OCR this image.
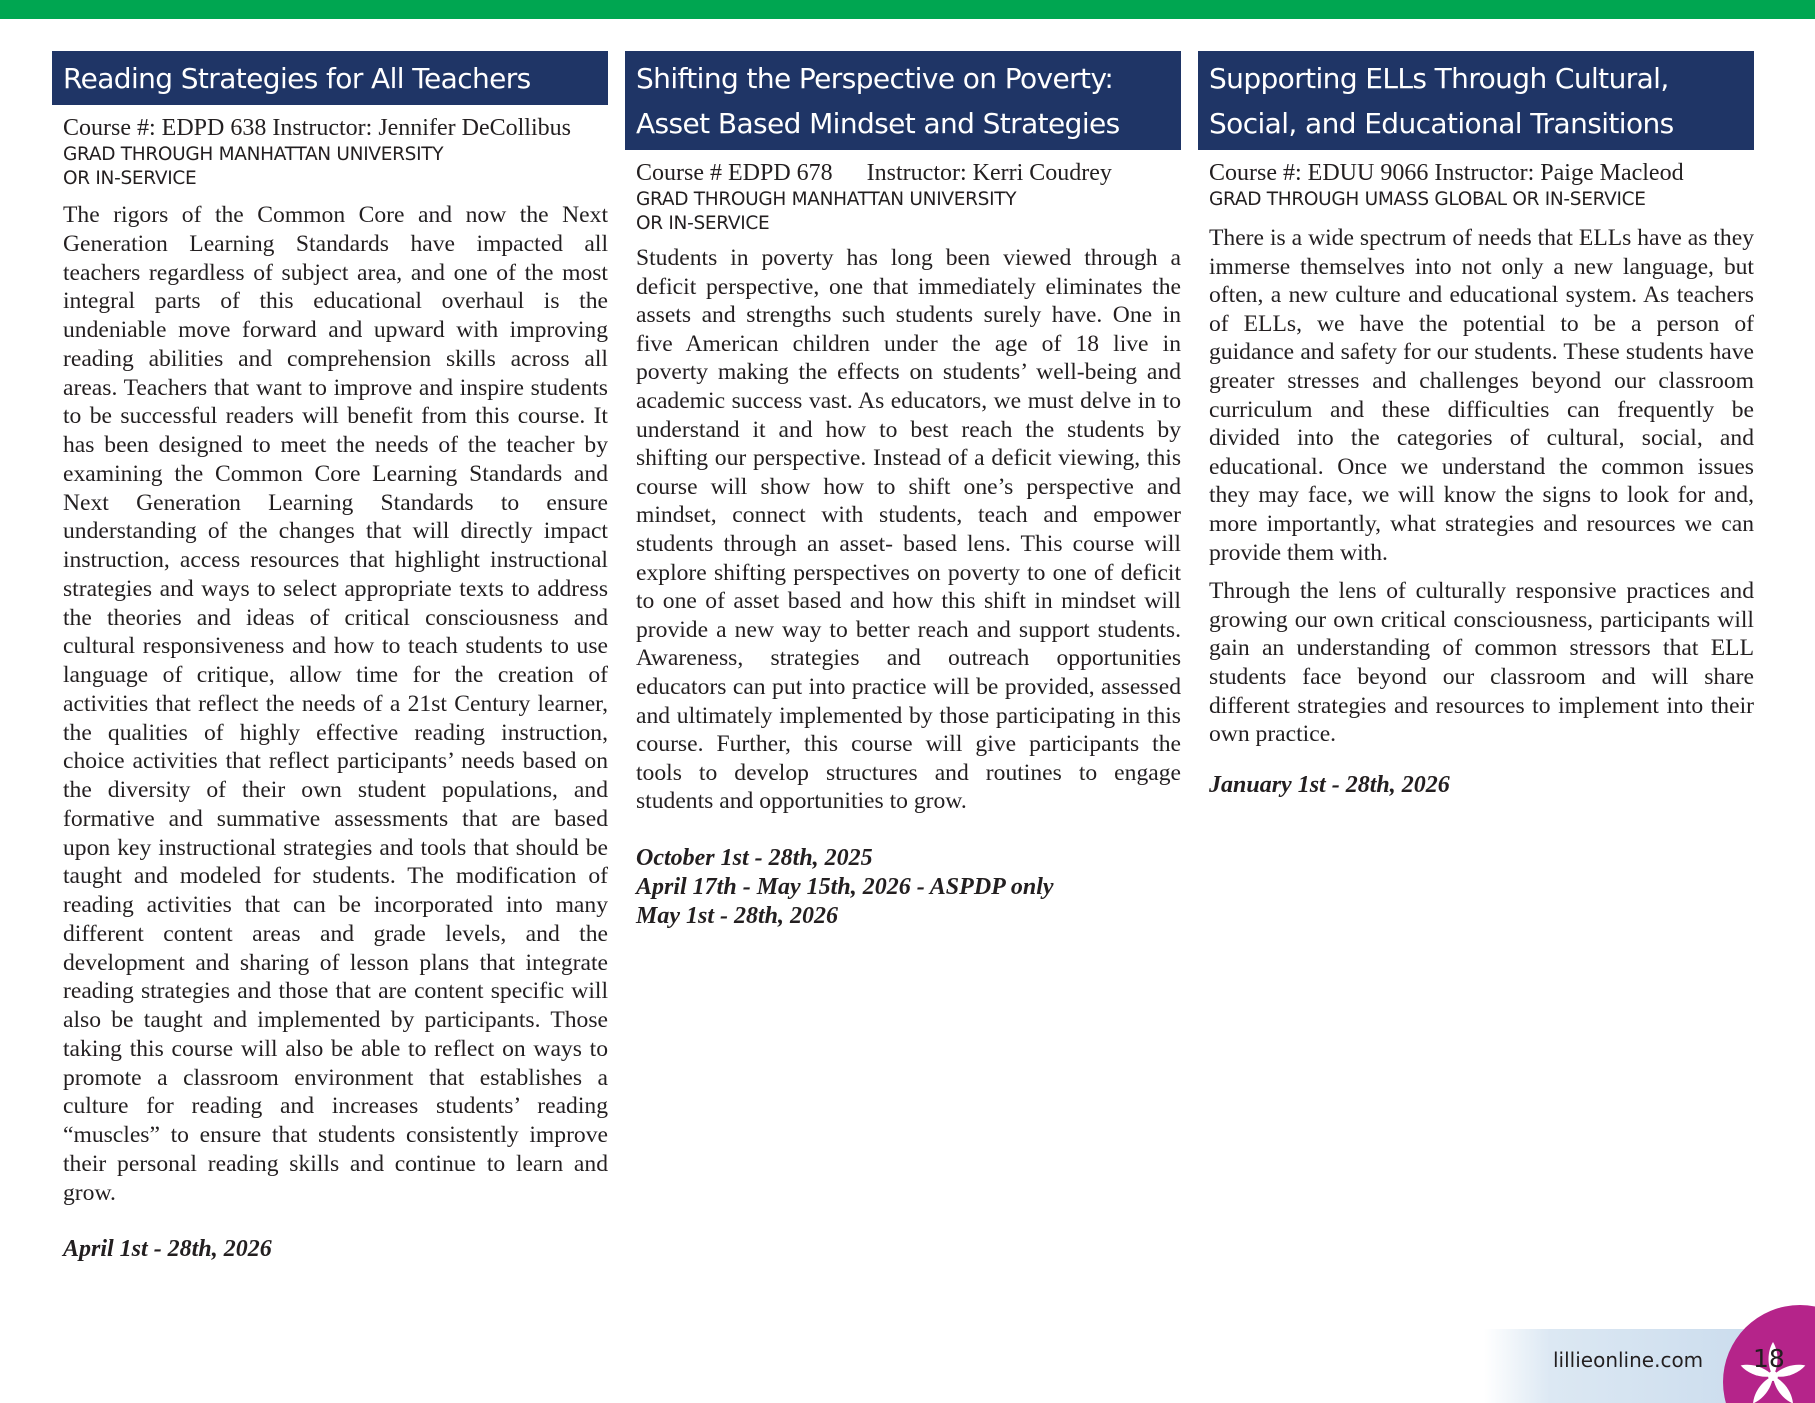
Reading Strategies for All Teachers
Course #: EDPD 638 Instructor: Jennifer DeCollibus
GRAD THROUGH MANHATTAN UNIVERSITY
OR IN-SERVICE

The rigors of the Common Core and now the Next Generation Learning Standards have impacted all teachers regardless of subject area, and one of the most integral parts of this educational overhaul is the undeniable move forward and upward with improving reading abilities and comprehension skills across all areas. Teachers that want to improve and inspire students to be successful readers will benefit from this course. It has been designed to meet the needs of the teacher by examining the Common Core Learning Standards and Next Generation Learning Standards to ensure understanding of the changes that will directly impact instruction, access resources that highlight instructional strategies and ways to select appropriate texts to address the theories and ideas of critical consciousness and cultural responsiveness and how to teach students to use language of critique, allow time for the creation of activities that reflect the needs of a 21st Century learner, the qualities of highly effective reading instruction, choice activities that reflect participants’ needs based on the diversity of their own student populations, and formative and summative assessments that are based upon key instructional strategies and tools that should be taught and modeled for students. The modification of reading activities that can be incorporated into many different content areas and grade levels, and the development and sharing of lesson plans that integrate reading strategies and those that are content specific will also be taught and implemented by participants. Those taking this course will also be able to reflect on ways to promote a classroom environment that establishes a culture for reading and increases students’ reading “muscles” to ensure that students consistently improve their personal reading skills and continue to learn and grow.

April 1st - 28th, 2026
Shifting the Perspective on Poverty:
Asset Based Mindset and Strategies
Course # EDPD 678 Instructor: Kerri Coudrey
GRAD THROUGH MANHATTAN UNIVERSITY
OR IN-SERVICE

Students in poverty has long been viewed through a deficit perspective, one that immediately eliminates the assets and strengths such students surely have. One in five American children under the age of 18 live in poverty making the effects on students’ well-being and academic success vast. As educators, we must delve in to understand it and how to best reach the students by shifting our perspective. Instead of a deficit viewing, this course will show how to shift one’s perspective and mindset, connect with students, teach and empower students through an asset- based lens. This course will explore shifting perspectives on poverty to one of deficit to one of asset based and how this shift in mindset will provide a new way to better reach and support students. Awareness, strategies and outreach opportunities educators can put into practice will be provided, assessed and ultimately implemented by those participating in this course. Further, this course will give participants the tools to develop structures and routines to engage students and opportunities to grow.

October 1st - 28th, 2025
April 17th - May 15th, 2026 - ASPDP only
May 1st - 28th, 2026
Supporting ELLs Through Cultural,
Social, and Educational Transitions
Course #: EDUU 9066 Instructor: Paige Macleod
GRAD THROUGH UMASS GLOBAL OR IN-SERVICE

There is a wide spectrum of needs that ELLs have as they immerse themselves into not only a new language, but often, a new culture and educational system. As teachers of ELLs, we have the potential to be a person of guidance and safety for our students. These students have greater stresses and challenges beyond our classroom curriculum and these difficulties can frequently be divided into the categories of cultural, social, and educational. Once we understand the common issues they may face, we will know the signs to look for and, more importantly, what strategies and resources we can provide them with.

Through the lens of culturally responsive practices and growing our own critical consciousness, participants will gain an understanding of common stressors that ELL students face beyond our classroom and will share different strategies and resources to implement into their own practice.

January 1st - 28th, 2026
lillieonline.com 18
